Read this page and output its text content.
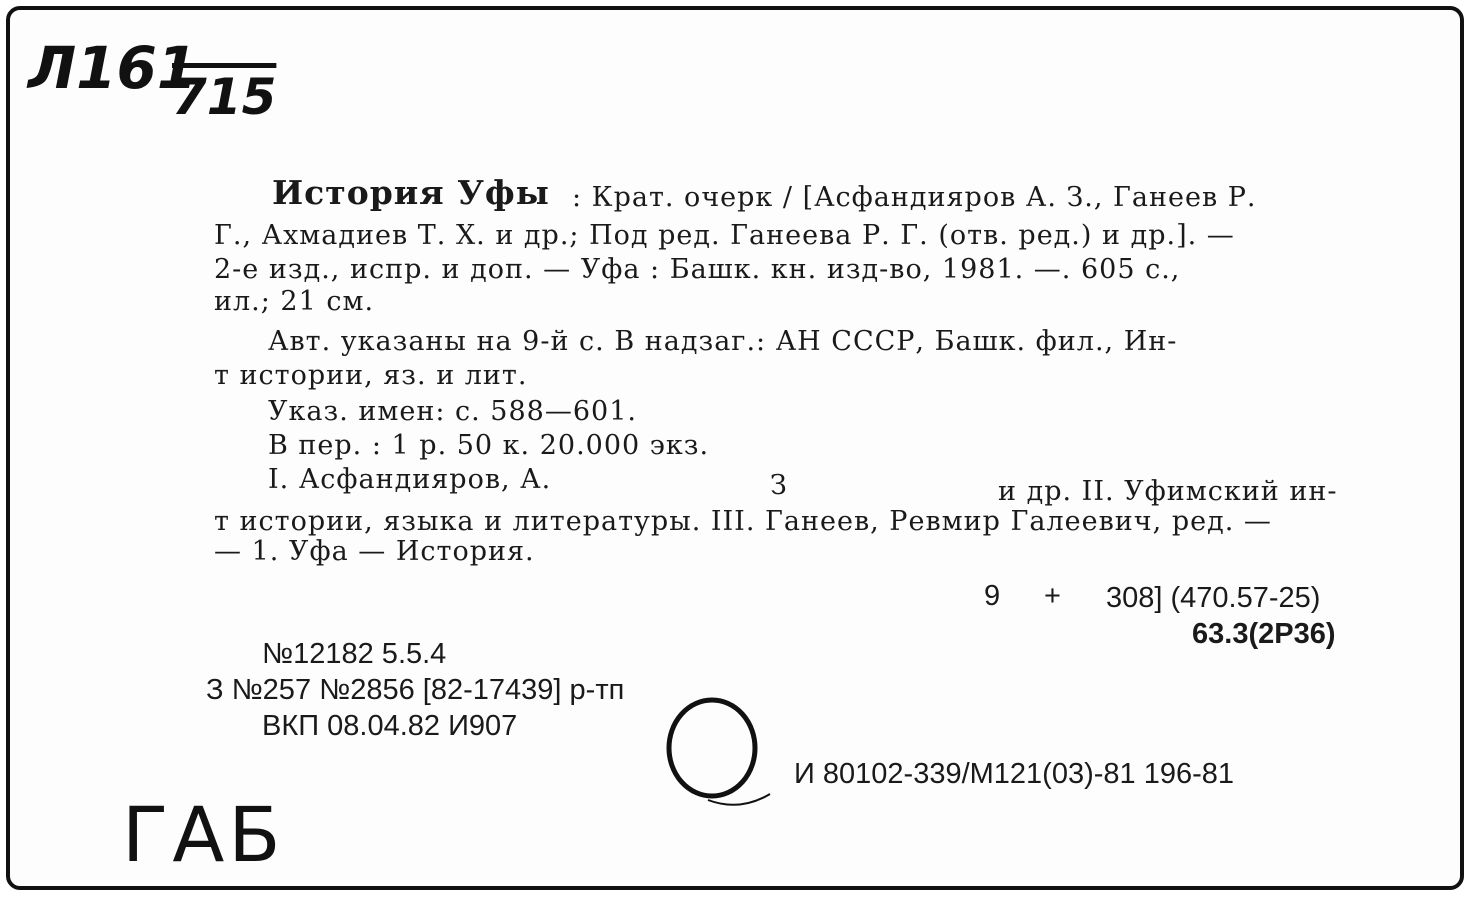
Л161
715
ГАБ
История Уфы : Крат. очерк / [Асфандияров А. З., Ганеев Р.
Г., Ахмадиев Т. Х. и др.; Под ред. Ганеева Р. Г. (отв. ред.) и др.]. —
2-е изд., испр. и доп. — Уфа : Башк. кн. изд-во, 1981. —. 605 с.,
ил.; 21 см.
Авт. указаны на 9-й с. В надзаг.: АН СССР, Башк. фил., Ин-
т истории, яз. и лит.
Указ. имен: с. 588—601.
В пер. : 1 р. 50 к. 20.000 экз.
I. Асфандияров, А.	З	и др. II. Уфимский ин-
т истории, языка и литературы. III. Ганеев, Ревмир Галеевич, ред. —
— 1. Уфа — История.
9 + 308] (470.57-25)
63.3(2Р36)
№12182 5.5.4
З №257 №2856 [82-17439] р-тп
ВКП 08.04.82 И907
И 80102-339/М121(03)-81 196-81
